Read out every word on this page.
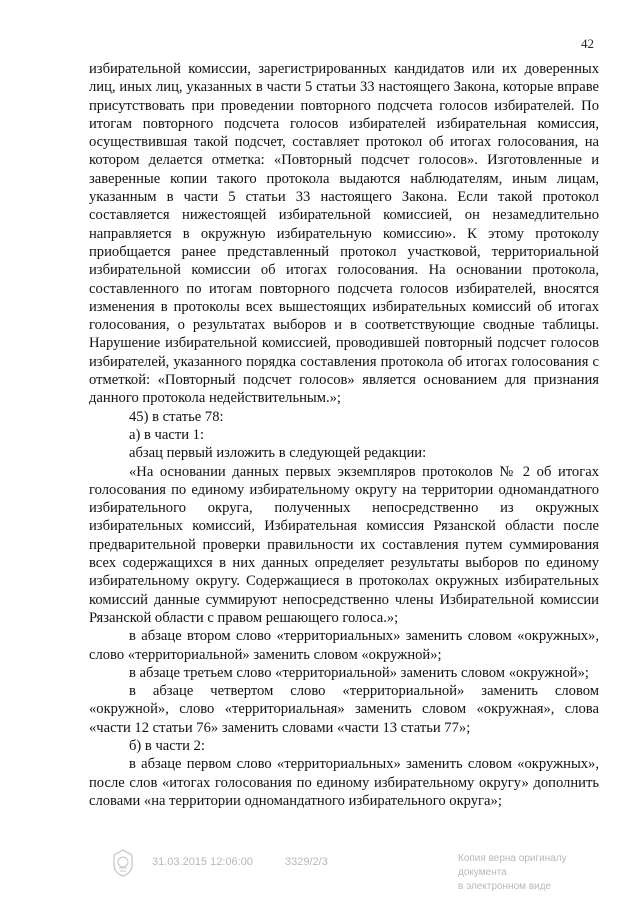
42

избирательной комиссии, зарегистрированных кандидатов или их доверенных лиц, иных лиц, указанных в части 5 статьи 33 настоящего Закона, которые вправе присутствовать при проведении повторного подсчета голосов избирателей. По итогам повторного подсчета голосов избирателей избирательная комиссия, осуществившая такой подсчет, составляет протокол об итогах голосования, на котором делается отметка: «Повторный подсчет голосов». Изготовленные и заверенные копии такого протокола выдаются наблюдателям, иным лицам, указанным в части 5 статьи 33 настоящего Закона. Если такой протокол составляется нижестоящей избирательной комиссией, он незамедлительно направляется в окружную избирательную комиссию». К этому протоколу приобщается ранее представленный протокол участковой, территориальной избирательной комиссии об итогах голосования. На основании протокола, составленного по итогам повторного подсчета голосов избирателей, вносятся изменения в протоколы всех вышестоящих избирательных комиссий об итогах голосования, о результатах выборов и в соответствующие сводные таблицы. Нарушение избирательной комиссией, проводившей повторный подсчет голосов избирателей, указанного порядка составления протокола об итогах голосования с отметкой: «Повторный подсчет голосов» является основанием для признания данного протокола недействительным.»;

45) в статье 78:

а) в части 1:

абзац первый изложить в следующей редакции:

«На основании данных первых экземпляров протоколов № 2 об итогах голосования по единому избирательному округу на территории одномандатного избирательного округа, полученных непосредственно из окружных избирательных комиссий, Избирательная комиссия Рязанской области после предварительной проверки правильности их составления путем суммирования всех содержащихся в них данных определяет результаты выборов по единому избирательному округу. Содержащиеся в протоколах окружных избирательных комиссий данные суммируют непосредственно члены Избирательной комиссии Рязанской области с правом решающего голоса.»;

в абзаце втором слово «территориальных» заменить словом «окружных», слово «территориальной» заменить словом «окружной»;

в абзаце третьем слово «территориальной» заменить словом «окружной»;

в абзаце четвертом слово «территориальной» заменить словом «окружной», слово «территориальная» заменить словом «окружная», слова «части 12 статьи 76» заменить словами «части 13 статьи 77»;

б) в части 2:

в абзаце первом слово «территориальных» заменить словом «окружных», после слов «итогах голосования по единому избирательному округу» дополнить словами «на территории одномандатного избирательного округа»;

31.03.2015 12:06:00	3329/2/3	Копия верна оригиналу документа
в электронном виде
